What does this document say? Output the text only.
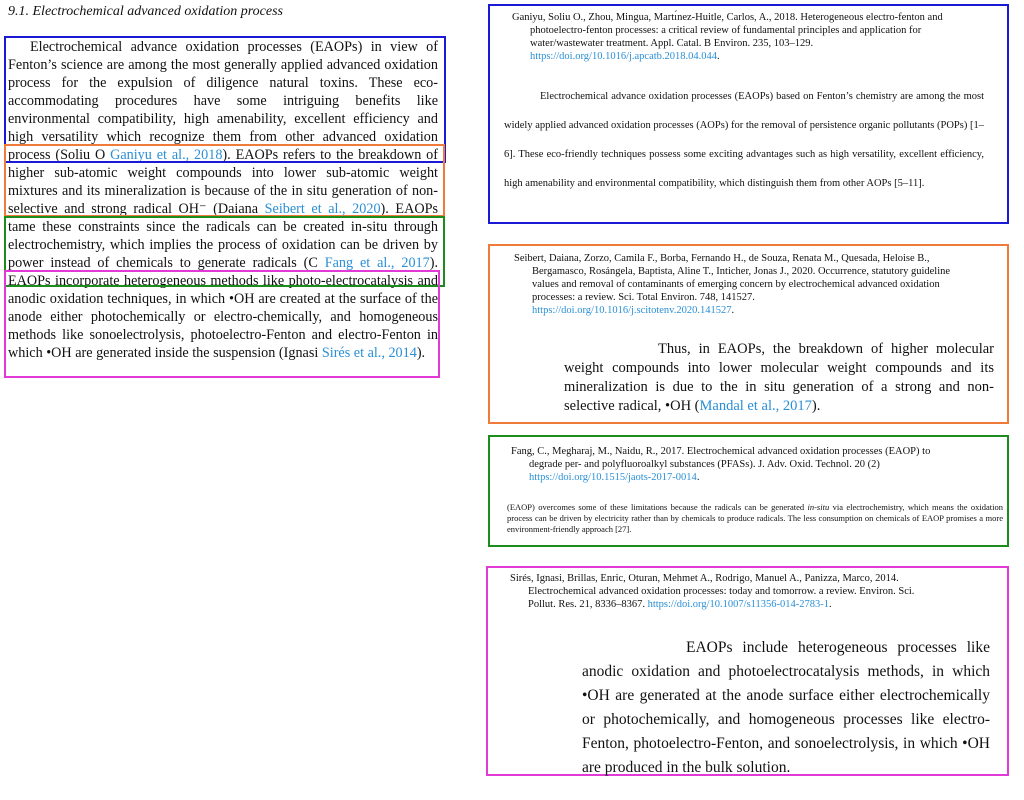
9.1. Electrochemical advanced oxidation process
Electrochemical advance oxidation processes (EAOPs) in view of Fenton’s science are among the most generally applied advanced oxidation process for the expulsion of diligence natural toxins. These eco-accommodating procedures have some intriguing benefits like environmental compatibility, high amenability, excellent efficiency and high versatility which recognize them from other advanced oxidation process (Soliu O Ganiyu et al., 2018). EAOPs refers to the breakdown of higher sub-atomic weight compounds into lower sub-atomic weight mixtures and its mineralization is because of the in situ generation of non-selective and strong radical OH⁻ (Daiana Seibert et al., 2020). EAOPs tame these constraints since the radicals can be created in-situ through electrochemistry, which implies the process of oxidation can be driven by power instead of chemicals to generate radicals (C Fang et al., 2017). EAOPs incorporate heterogeneous methods like photo-electrocatalysis and anodic oxidation techniques, in which •OH are created at the surface of the anode either photochemically or electro-chemically, and homogeneous methods like sonoelectrolysis, photoelectro-Fenton and electro-Fenton in which •OH are generated inside the suspension (Ignasi Sirés et al., 2014).
Ganiyu, Soliu O., Zhou, Mingua, Martı́nez-Huitle, Carlos, A., 2018. Heterogeneous electro-fenton and photoelectro-fenton processes: a critical review of fundamental principles and application for water/wastewater treatment. Appl. Catal. B Environ. 235, 103–129. https://doi.org/10.1016/j.apcatb.2018.04.044.
Electrochemical advance oxidation processes (EAOPs) based on Fenton’s chemistry are among the most widely applied advanced oxidation processes (AOPs) for the removal of persistence organic pollutants (POPs) [1–6]. These eco-friendly techniques possess some exciting advantages such as high versatility, excellent efficiency, high amenability and environmental compatibility, which distinguish them from other AOPs [5–11].
Seibert, Daiana, Zorzo, Camila F., Borba, Fernando H., de Souza, Renata M., Quesada, Heloise B., Bergamasco, Rosángela, Baptista, Aline T., Inticher, Jonas J., 2020. Occurrence, statutory guideline values and removal of contaminants of emerging concern by electrochemical advanced oxidation processes: a review. Sci. Total Environ. 748, 141527. https://doi.org/10.1016/j.scitotenv.2020.141527.
Thus, in EAOPs, the breakdown of higher molecular weight compounds into lower molecular weight compounds and its mineralization is due to the in situ generation of a strong and non-selective radical, •OH (Mandal et al., 2017).
Fang, C., Megharaj, M., Naidu, R., 2017. Electrochemical advanced oxidation processes (EAOP) to degrade per- and polyfluoroalkyl substances (PFASs). J. Adv. Oxid. Technol. 20 (2) https://doi.org/10.1515/jaots-2017-0014.
(EAOP) overcomes some of these limitations because the radicals can be generated in-situ via electrochemistry, which means the oxidation process can be driven by electricity rather than by chemicals to produce radicals. The less consumption on chemicals of EAOP promises a more environment-friendly approach [27].
Sirés, Ignasi, Brillas, Enric, Oturan, Mehmet A., Rodrigo, Manuel A., Panizza, Marco, 2014. Electrochemical advanced oxidation processes: today and tomorrow. a review. Environ. Sci. Pollut. Res. 21, 8336–8367. https://doi.org/10.1007/s11356-014-2783-1.
EAOPs include heterogeneous processes like anodic oxidation and photoelectrocatalysis methods, in which •OH are generated at the anode surface either electrochemically or photochemically, and homogeneous processes like electro-Fenton, photoelectro-Fenton, and sonoelectrolysis, in which •OH are produced in the bulk solution.
